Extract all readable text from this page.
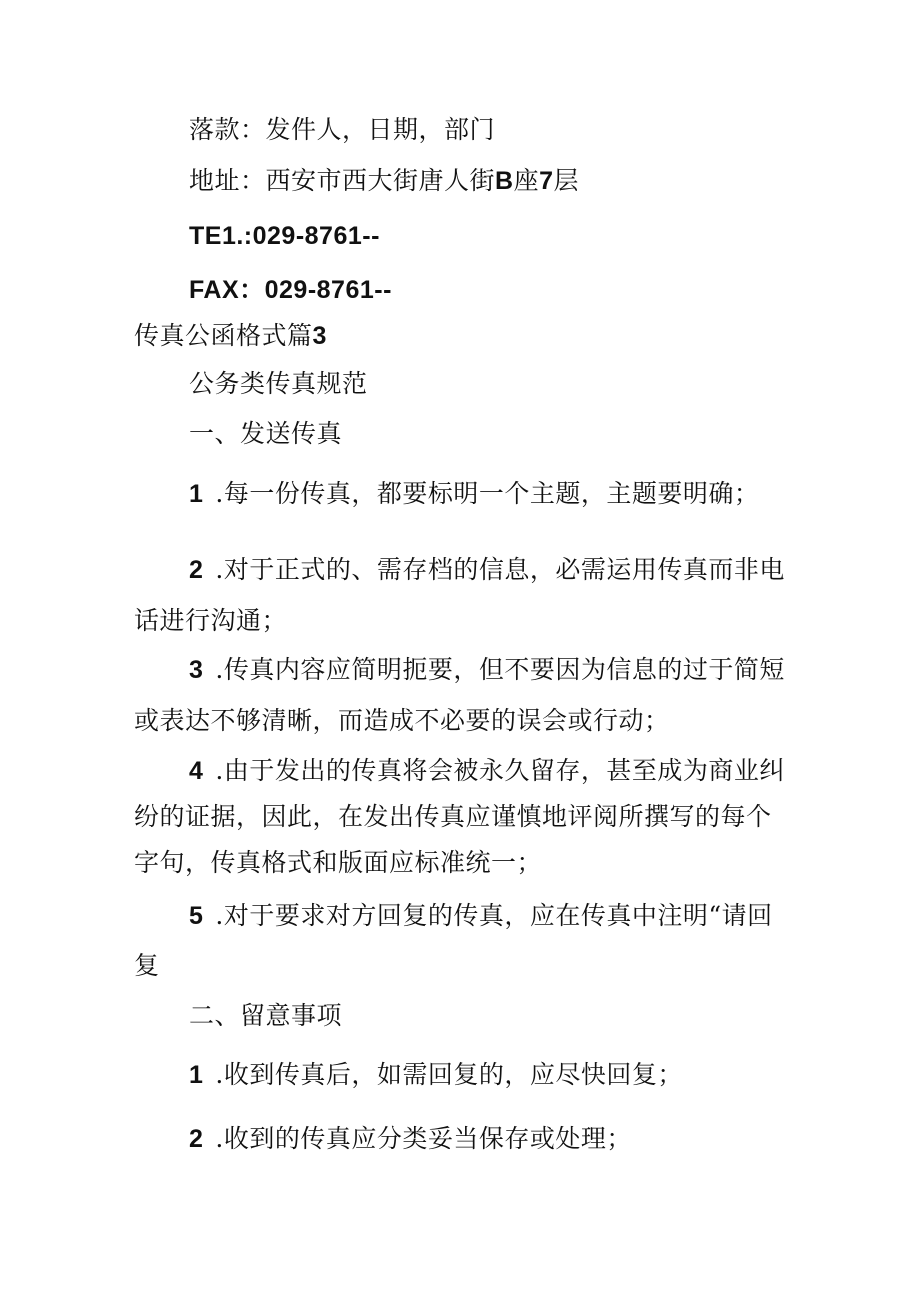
落款：发件人，日期，部门
地址：西安市西大街唐人街B座7层
TE1.:029-8761--
FAX：029-8761--
传真公函格式篇3
公务类传真规范
一、发送传真
1 .每一份传真，都要标明一个主题，主题要明确；
2 .对于正式的、需存档的信息，必需运用传真而非电
话进行沟通；
3 .传真内容应简明扼要，但不要因为信息的过于简短
或表达不够清晰，而造成不必要的误会或行动；
4 .由于发出的传真将会被永久留存，甚至成为商业纠
纷的证据，因此，在发出传真应谨慎地评阅所撰写的每个
字句，传真格式和版面应标准统一；
5 .对于要求对方回复的传真，应在传真中注明“请回
复
二、留意事项
1 .收到传真后，如需回复的，应尽快回复；
2 .收到的传真应分类妥当保存或处理；
